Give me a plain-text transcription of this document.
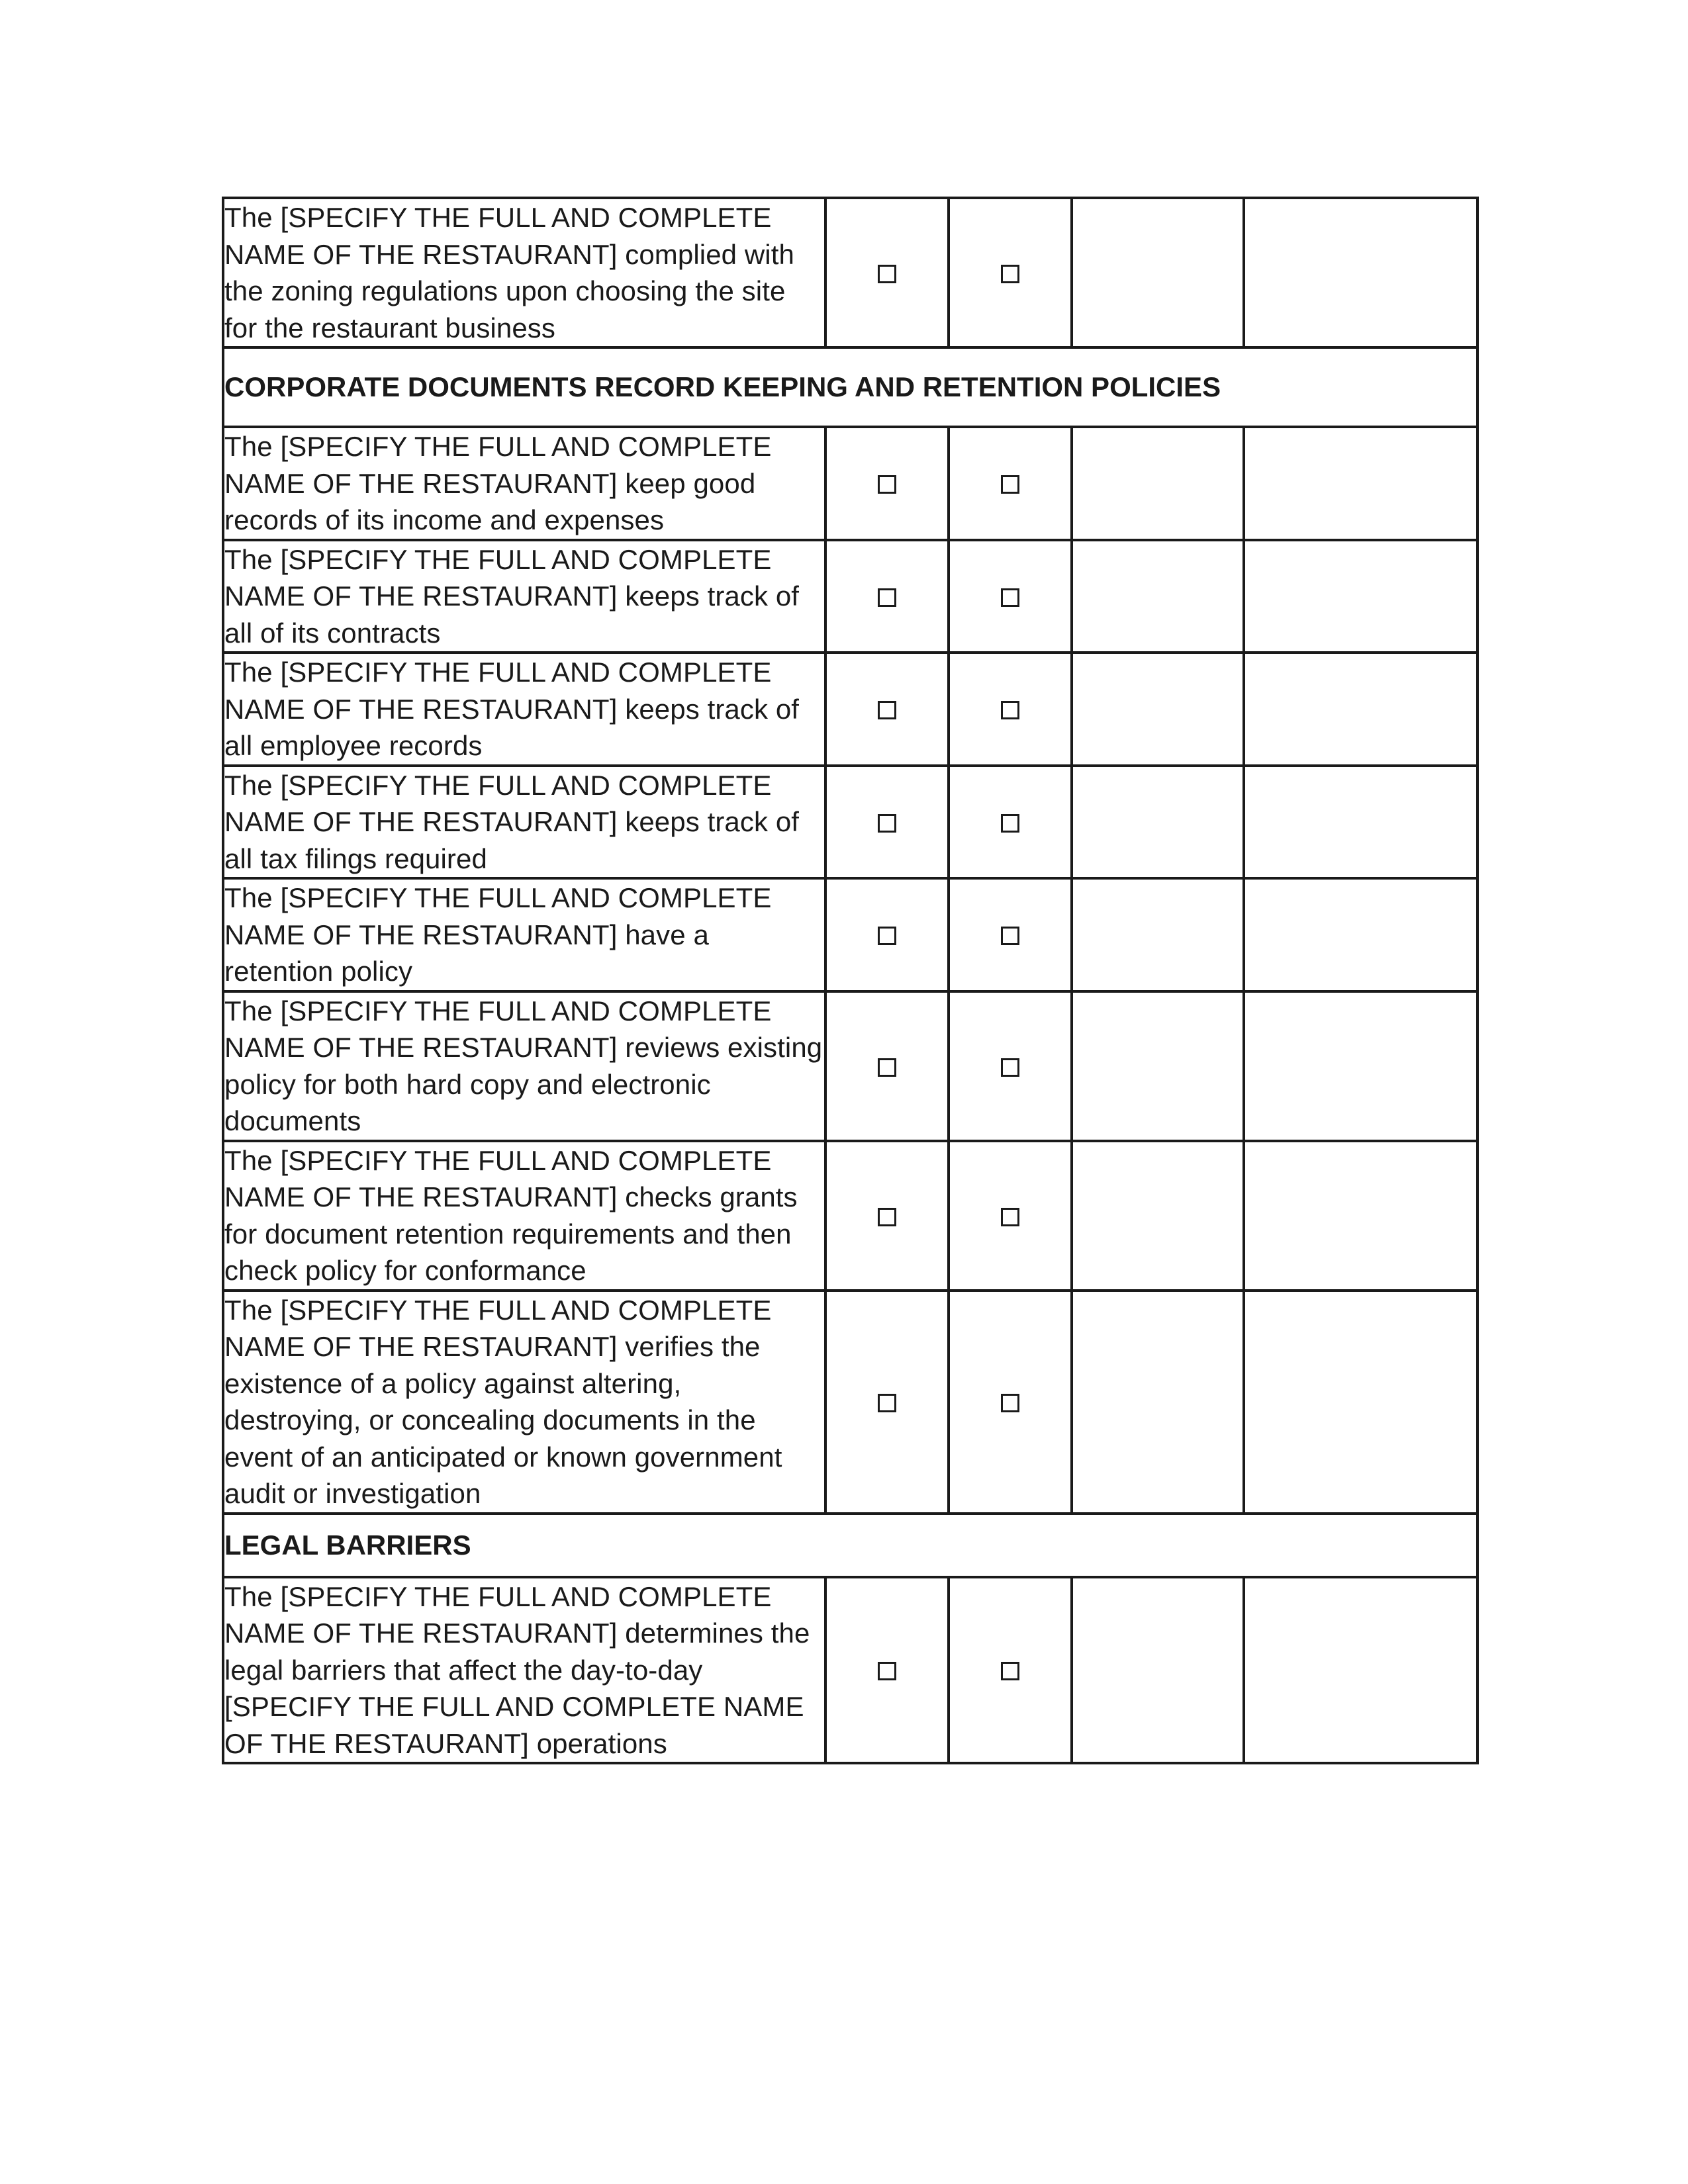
The [SPECIFY THE FULL AND COMPLETE NAME OF THE RESTAURANT] complied with the zoning regulations upon choosing the site for the restaurant business				
CORPORATE DOCUMENTS RECORD KEEPING AND RETENTION POLICIES				
The [SPECIFY THE FULL AND COMPLETE NAME OF THE RESTAURANT] keep good records of its income and expenses				
The [SPECIFY THE FULL AND COMPLETE NAME OF THE RESTAURANT] keeps track of all of its contracts				
The [SPECIFY THE FULL AND COMPLETE NAME OF THE RESTAURANT] keeps track of all employee records				
The [SPECIFY THE FULL AND COMPLETE NAME OF THE RESTAURANT] keeps track of all tax filings required				
The [SPECIFY THE FULL AND COMPLETE NAME OF THE RESTAURANT] have a retention policy				
The [SPECIFY THE FULL AND COMPLETE NAME OF THE RESTAURANT] reviews existing policy for both hard copy and electronic documents				
The [SPECIFY THE FULL AND COMPLETE NAME OF THE RESTAURANT] checks grants for document retention requirements and then check policy for conformance				
The [SPECIFY THE FULL AND COMPLETE NAME OF THE RESTAURANT] verifies the existence of a policy against altering, destroying, or concealing documents in the event of an anticipated or known government audit or investigation				
LEGAL BARRIERS				
The [SPECIFY THE FULL AND COMPLETE NAME OF THE RESTAURANT] determines the legal barriers that affect the day-to-day [SPECIFY THE FULL AND COMPLETE NAME OF THE RESTAURANT] operations				
